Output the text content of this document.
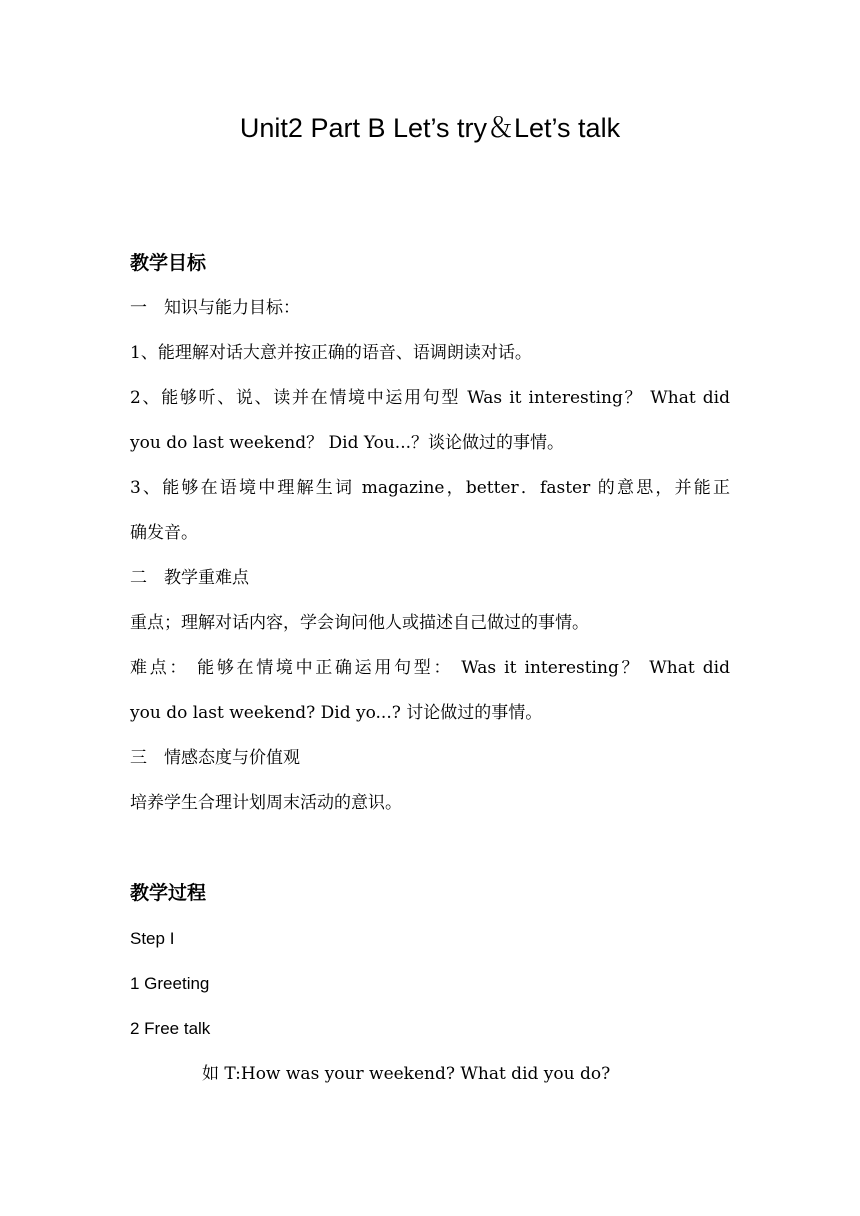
Unit2 Part B Let’s try＆Let’s talk
教学目标
一　知识与能力目标：
1、能理解对话大意并按正确的语音、语调朗读对话。
2、能够听、说、读并在情境中运用句型 Was it interesting？ What did
you do last weekend？ Did You...？谈论做过的事情。
3、能够在语境中理解生词 magazine，better．faster 的意思，并能正
确发音。
二　教学重难点
重点；理解对话内容，学会询问他人或描述自己做过的事情。
难点： 能够在情境中正确运用句型： Was it interesting？ What did
you do last weekend? Did yo...? 讨论做过的事情。
三　情感态度与价值观
培养学生合理计划周末活动的意识。
教学过程
Step I
1 Greeting
2 Free talk
如 T:How was your weekend? What did you do?
